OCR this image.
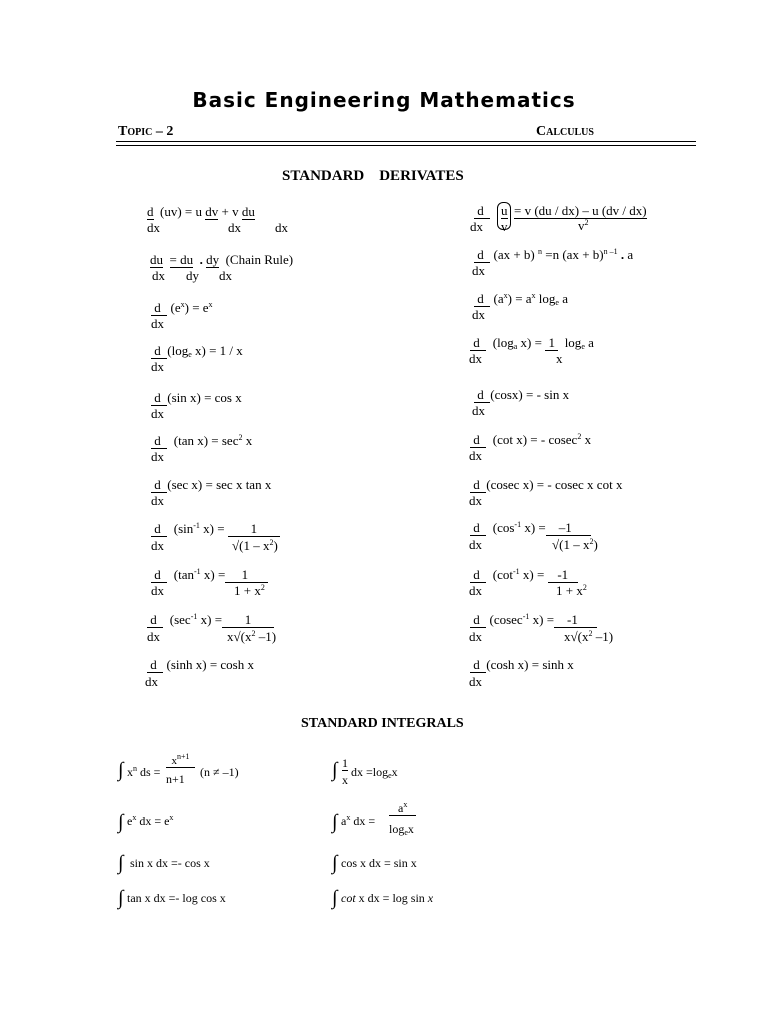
Basic Engineering Mathematics
Topic – 2	Calculus
STANDARD    DERIVATES
d (uv) = u dv + v du
dx	dx	dx
du = du . dy (Chain Rule)
dx dy dx
d $(e^x) = e^x$
dx
d ($\log_e$ x) = 1 / x
dx
d (sin x) = cos x
dx
d (tan $x) = \sec^2 x$
dx
d (sec x) = sec x tan x
dx
d ($\sin^{-1}$ x) = 1
dx	$√(1 - x^2)$
d ($\tan^{-1}$ x) = 1
dx	$1 + x^2$
d ($\sec^{-1}$ x) = 1
dx	$x√(x^2$ –1)
d (sinh x) = cosh x
dx
d	u
v
= v (du / dx) – u (dv / dx)
$v^2$
dx
d (ax + b) $^n$ =n (ax + b)$^{n -1}$ . a
dx
d $(a^x) = a^x$ $\log_e a$
dx
d ($\log_a$ x) = 1 $\log_e a$
dx	x
d (cosx) = - sin x
dx
d (cot x) = - cosec$^2$ x
dx
d (cosec x) = - cosec x cot x
dx
d ($\cos^{-1}$ x) = –1
dx	$√(1 - x^2)$
d ($\cot^{-1}$ x) = -1
dx	$1 + x^2$
d (cosec$^{-1}$ x) = -1
dx	$x√(x^2$ –1)
d (cosh x) = sinh x
dx
STANDARD INTEGRALS
∫ $x^n$ ds =
$x^{n+1}$
n+1 (n ≠ –1)	∫ 1
x
dx $=\log_ex$
∫ $e^x$ dx = $e^x$	∫ $a^x$ dx =
$a^x$
$\log_ex$
∫ sin x dx =- cos x	∫ cos x dx = sin x
∫ tan x dx =- log cos x	∫ cot x dx = log sin x
